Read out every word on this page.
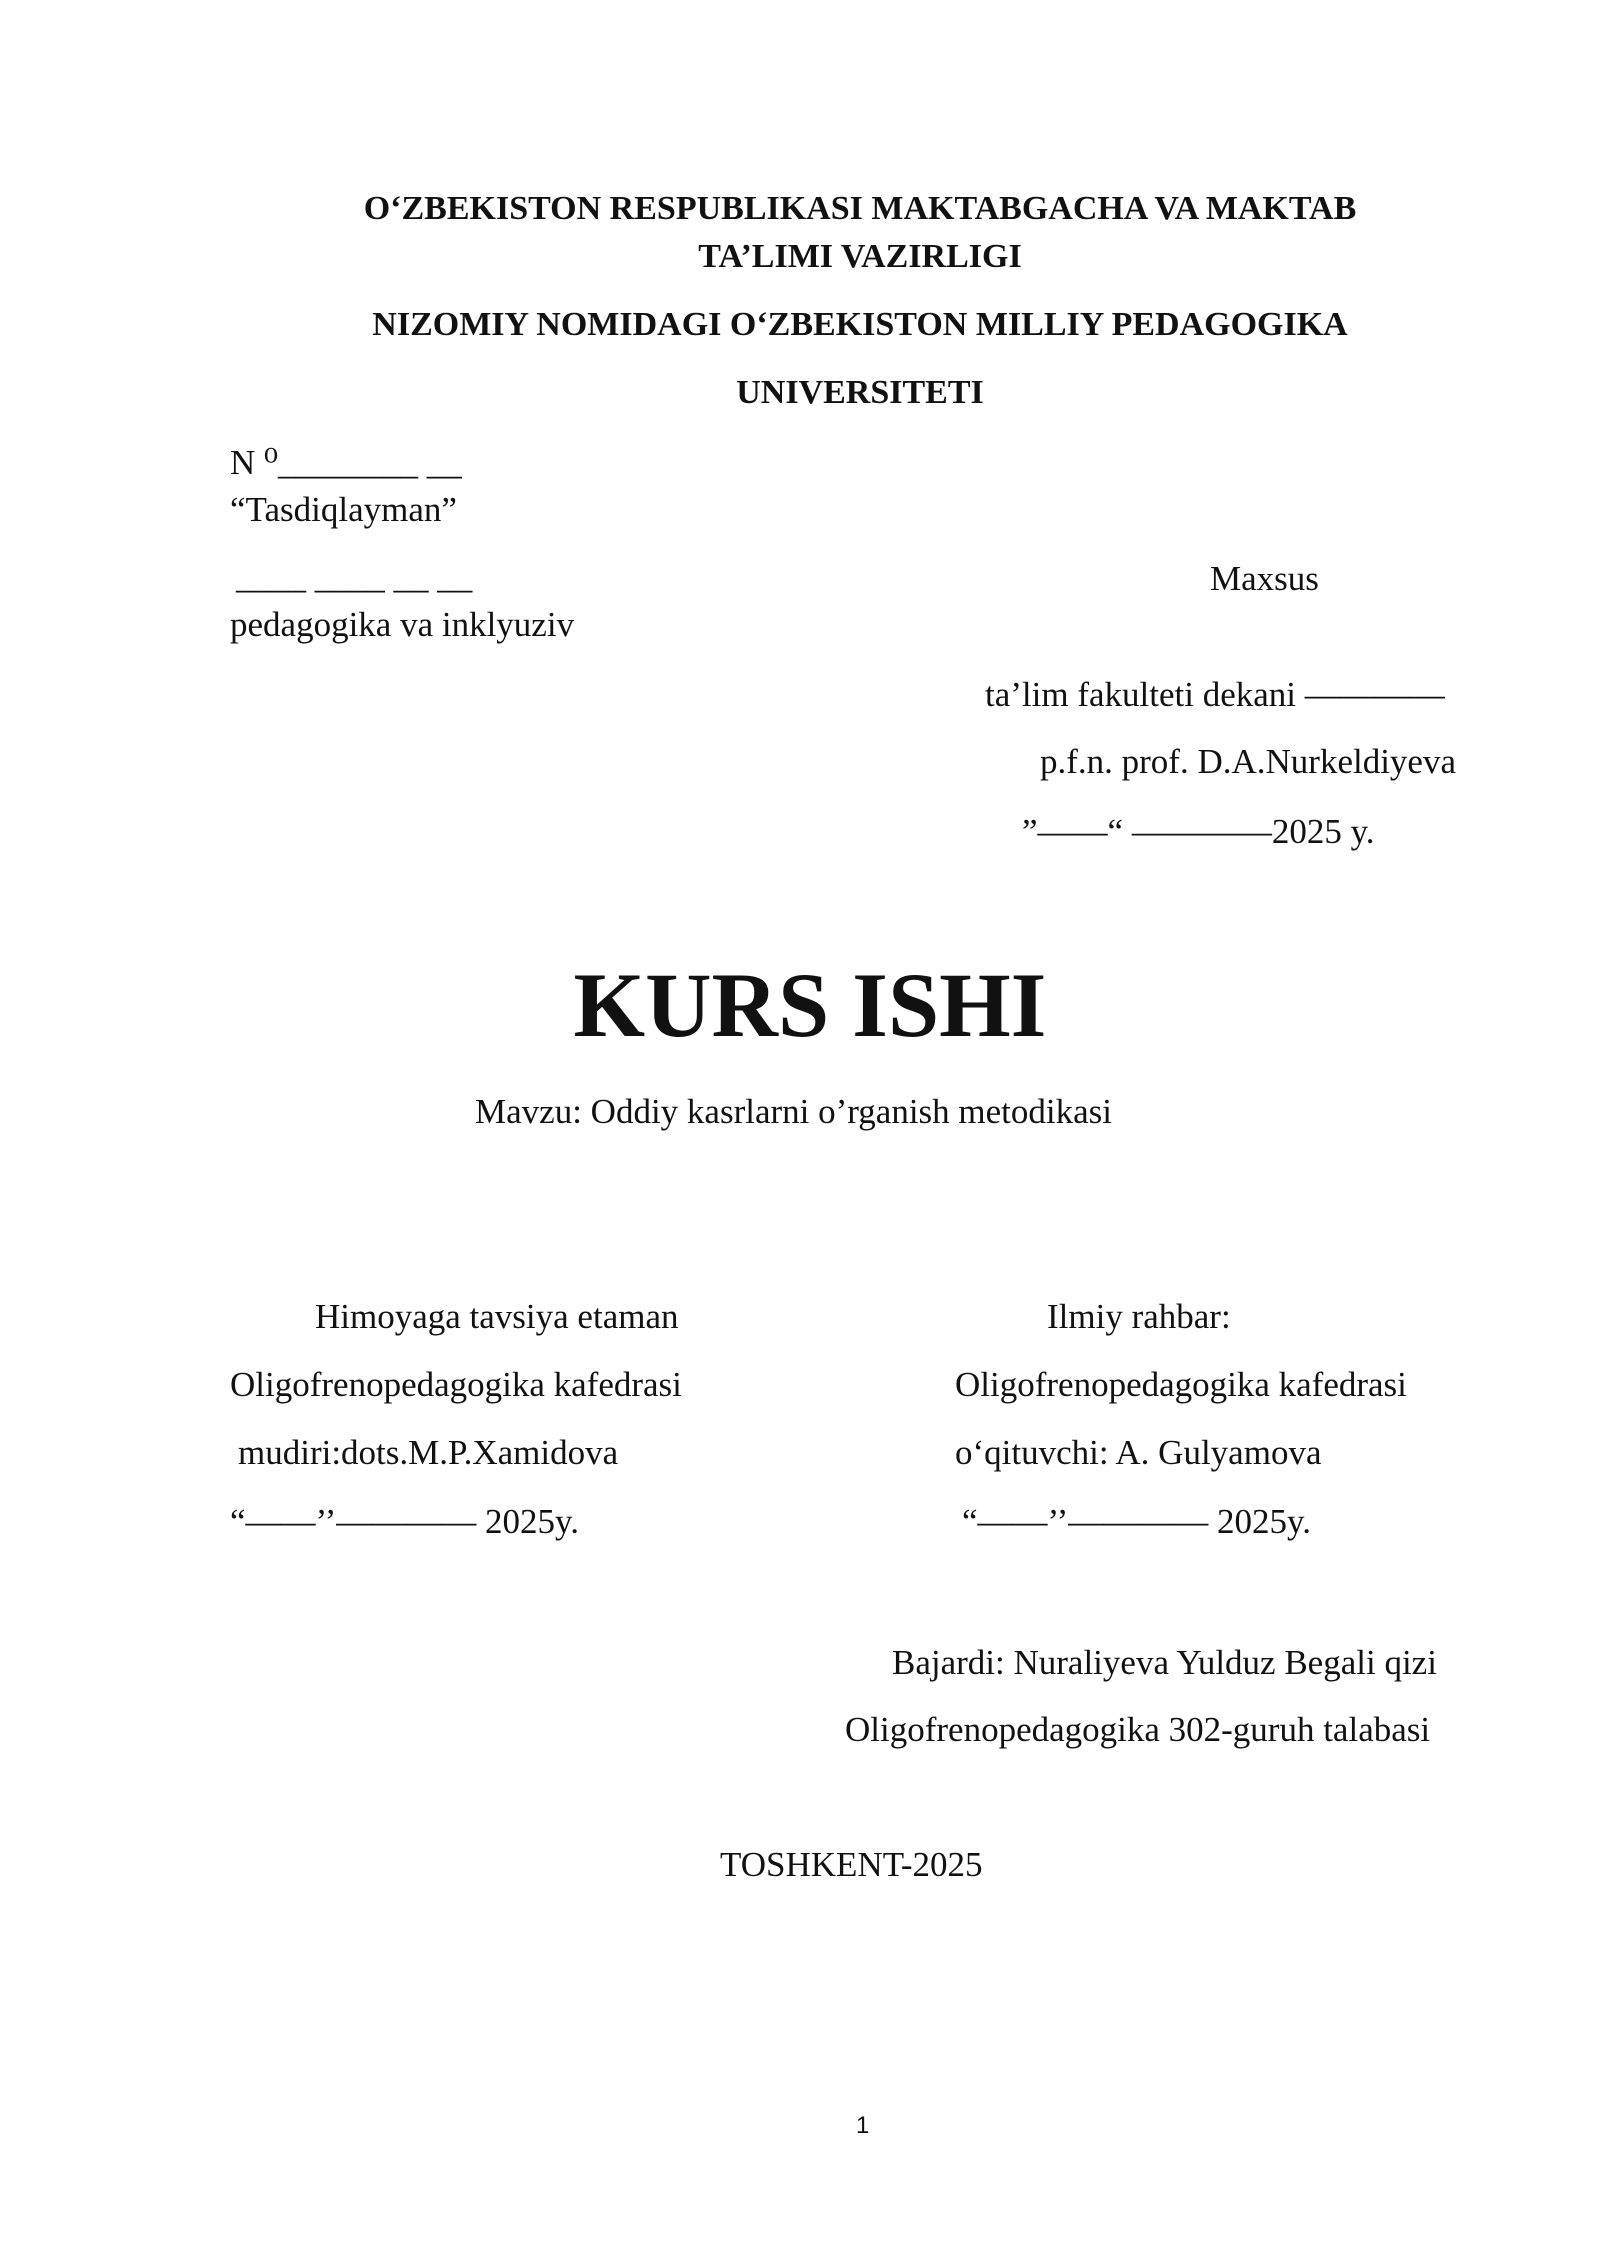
O‘ZBEKISTON RESPUBLIKASI MAKTABGACHA VA MAKTAB
TA’LIMI VAZIRLIGI
NIZOMIY NOMIDAGI O‘ZBEKISTON MILLIY PEDAGOGIKA
UNIVERSITETI
N ⁰________ __
“Tasdiqlayman”
____ ____ __ __	Maxsus
pedagogika va inklyuziv
ta’lim fakulteti dekani ————
p.f.n. prof. D.A.Nurkeldiyeva
”——“ ————2025 y.
KURS ISHI
Mavzu: Oddiy kasrlarni o’rganish metodikasi
Himoyaga tavsiya etaman
Oligofrenopedagogika kafedrasi
mudiri:dots.M.P.Xamidova
“——’’———— 2025y.
Ilmiy rahbar:
Oligofrenopedagogika kafedrasi
o‘qituvchi: A. Gulyamova
“——’’———— 2025y.
Bajardi: Nuraliyeva Yulduz Begali qizi
Oligofrenopedagogika 302-guruh talabasi
TOSHKENT-2025
1
